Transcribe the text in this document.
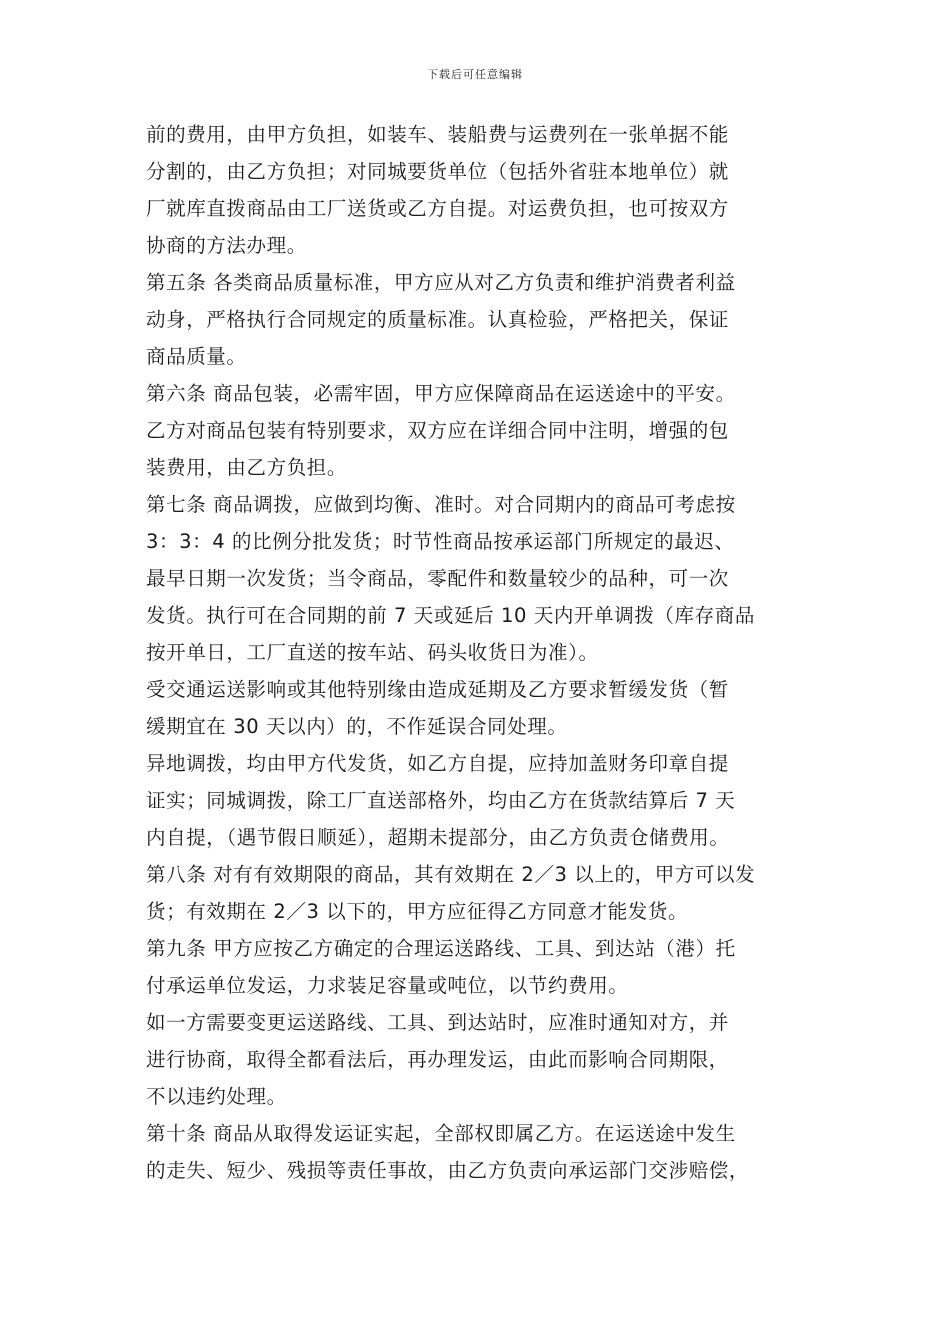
下载后可任意编辑
前的费用，由甲方负担，如装车、装船费与运费列在一张单据不能
分割的，由乙方负担；对同城要货单位（包括外省驻本地单位）就
厂就库直拨商品由工厂送货或乙方自提。对运费负担，也可按双方
协商的方法办理。
第五条 各类商品质量标准，甲方应从对乙方负责和维护消费者利益
动身，严格执行合同规定的质量标准。认真检验，严格把关，保证
商品质量。
第六条 商品包装，必需牢固，甲方应保障商品在运送途中的平安。
乙方对商品包装有特别要求，双方应在详细合同中注明，增强的包
装费用，由乙方负担。
第七条 商品调拨，应做到均衡、准时。对合同期内的商品可考虑按
3：3：4 的比例分批发货；时节性商品按承运部门所规定的最迟、
最早日期一次发货；当令商品，零配件和数量较少的品种，可一次
发货。执行可在合同期的前 7 天或延后 10 天内开单调拨（库存商品
按开单日，工厂直送的按车站、码头收货日为准）。
受交通运送影响或其他特别缘由造成延期及乙方要求暂缓发货（暂
缓期宜在 30 天以内）的，不作延误合同处理。
异地调拨，均由甲方代发货，如乙方自提，应持加盖财务印章自提
证实；同城调拨，除工厂直送部格外，均由乙方在货款结算后 7 天
内自提，（遇节假日顺延），超期未提部分，由乙方负责仓储费用。
第八条 对有有效期限的商品，其有效期在 2／3 以上的，甲方可以发
货；有效期在 2／3 以下的，甲方应征得乙方同意才能发货。
第九条 甲方应按乙方确定的合理运送路线、工具、到达站（港）托
付承运单位发运，力求装足容量或吨位，以节约费用。
如一方需要变更运送路线、工具、到达站时，应准时通知对方，并
进行协商，取得全都看法后，再办理发运，由此而影响合同期限，
不以违约处理。
第十条 商品从取得发运证实起，全部权即属乙方。在运送途中发生
的走失、短少、残损等责任事故，由乙方负责向承运部门交涉赔偿，
